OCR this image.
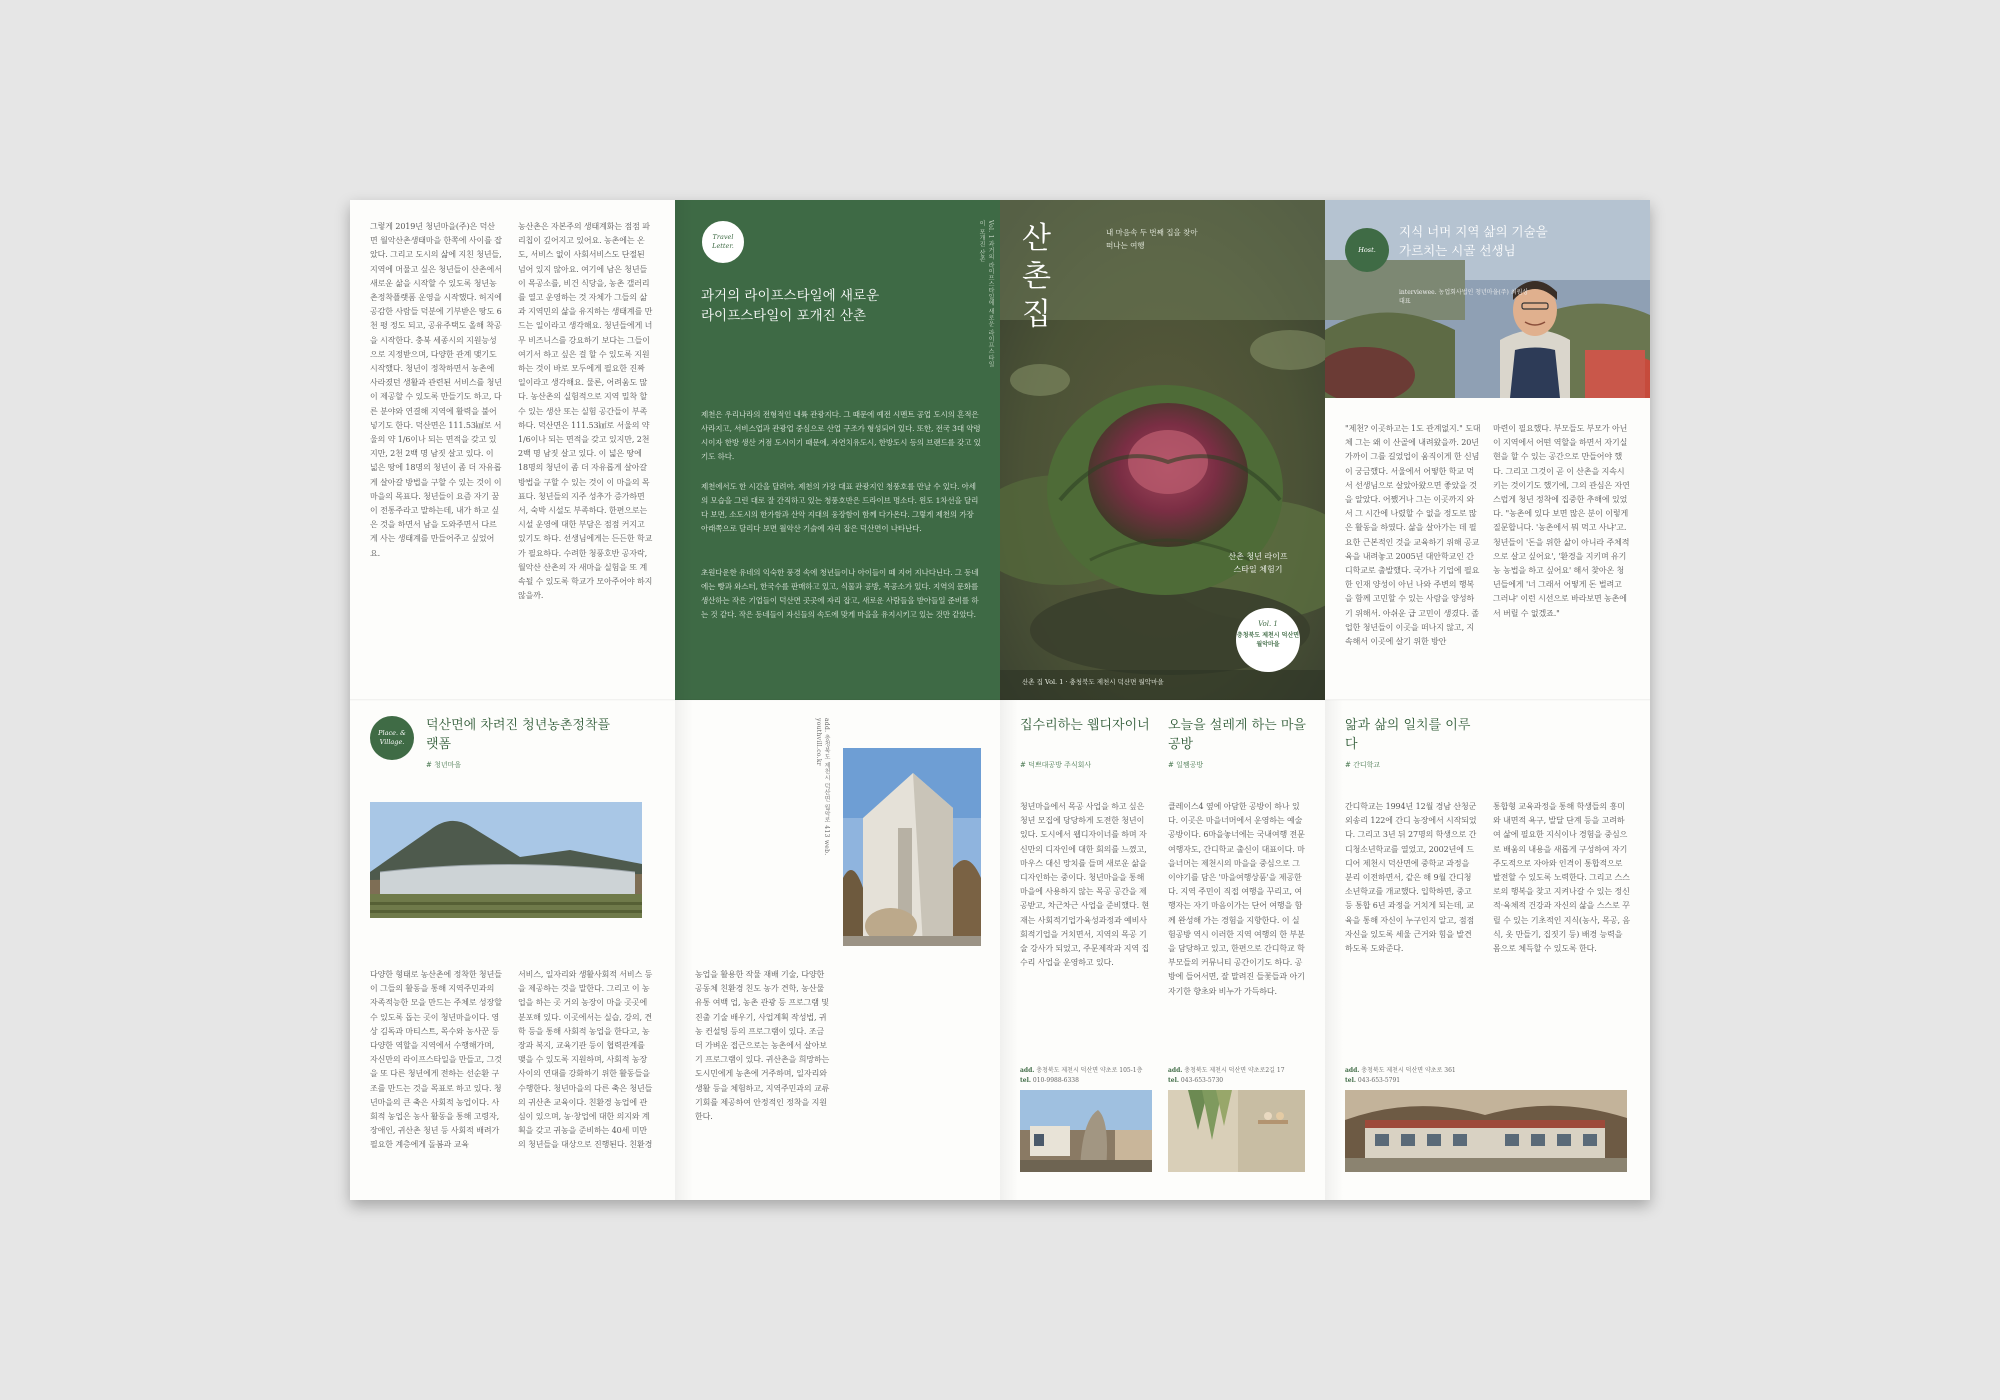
그렇게 2019년 청년마을(주)은 덕산면 월악산촌생태마을 한쪽에 사이를 잡았다. 그리고 도시의 삶에 지친 청년들, 지역에 머물고 싶은 청년들이 산촌에서 새로운 삶을 시작할 수 있도록 청년농촌정착플랫폼 운영을 시작했다. 허지에 공감한 사람들 덕분에 기부받은 땅도 6천 평 정도 되고, 공유주택도 올해 착공을 시작한다. 충북 세종시의 지원능성으로 지정받으며, 다양한 관계 맺기도 시작했다. 청년이 정착하면서 농촌에 사라졌던 생활과 관련된 서비스를 청년이 제공할 수 있도록 만들기도 하고, 다른 분야와 연결해 지역에 활력을 불어넣기도 한다. 덕산면은 111.53㎢로 서울의 약 1/6이나 되는 면적을 갖고 있지만, 2천 2백 명 남짓 살고 있다. 이 넓은 땅에 18명의 청년이 좀 더 자유롭게 살아갈 방법을 구할 수 있는 것이 이 마을의 목표다. 청년들이 요즘 자기 꿈이 전통주라고 말하는데, 내가 하고 싶은 것을 하면서 남을 도와주면서 다르게 사는 생태계를 만들어주고 싶었어요.
농산촌은 자본주의 생태계화는 점점 파리칩이 깊어지고 있어요. 농촌에는 온도, 서비스 없이 사회서비스도 단절된 넘어 있지 않아요. 여기에 남은 청년들이 목공소를, 비건 식당을, 농촌 갤러리를 열고 운영하는 것 자체가 그들의 삶과 지역민의 삶을 유지하는 생태계를 만드는 일이라고 생각해요. 청년들에게 너무 비즈니스를 강요하기 보다는 그들이 여기서 하고 싶은 걸 할 수 있도록 지원하는 것이 바로 모두에게 필요한 진짜 일이라고 생각해요. 물론, 어려움도 많다. 농산촌의 실험적으로 지역 밀착 할 수 있는 생산 또는 실험 공간들이 부족하다. 덕산면은 111.53㎢로 서울의 약 1/6이나 되는 면적을 갖고 있지만, 2천 2백 명 남짓 살고 있다. 이 넓은 땅에 18명의 청년이 좀 더 자유롭게 살아갈 방법을 구할 수 있는 것이 이 마을의 목표다. 청년들의 지주 성추가 증가하면서, 숙박 시설도 부족하다. 한편으로는 시설 운영에 대한 부담은 점점 커지고 있기도 하다. 선생님에게는 든든한 학교가 필요하다. 수려한 청풍호반 공자락, 월악산 산촌의 자 새마을 실험을 또 계속될 수 있도록 학교가 모아주어야 하지 않을까.
Travel Letter.	Vol. 1 과거의 라이프스타일에 새로운 라이프스타일이 포개진 산촌
과거의 라이프스타일에 새로운 라이프스타일이 포개진 산촌
제천은 우리나라의 전형적인 내륙 관광지다. 그 때문에 예전 시멘트 공업 도시의 흔적은 사라지고, 서비스업과 관광업 중심으로 산업 구조가 형성되어 있다. 또한, 전국 3대 약령시이자 한방 생산 거점 도시이기 때문에, 자연치유도시, 한방도시 등의 브랜드를 갖고 있기도 하다.
제천에서도 한 시간을 달려야, 제천의 가장 대표 관광지인 청풍호를 만날 수 있다. 아세의 모습을 그린 대로 잘 간직하고 있는 청풍호반은 드라이브 명소다. 윈도 1차선을 달리다 보면, 소도시의 한가함과 산악 지대의 웅장함이 함께 다가온다. 그렇게 제천의 가장 아래쪽으로 달리다 보면 월악산 기슭에 자리 잡은 덕산면이 나타난다.
초원다운한 유네의 익숙한 풍경 속에 청년들이나 아이들이 떼 지어 지나다닌다. 그 동네에는 빵과 와스터, 한국수를 판매하고 있고, 식물과 공방, 목공소가 있다. 지역의 문화를 생산하는 작은 기업들이 덕산면 곳곳에 자리 잡고, 새로운 사람들을 받아들일 준비를 하는 것 같다. 작은 동네들이 자신들의 속도에 맞게 마을을 유지시키고 있는 것만 같았다.
산촌 집
내 마음속 두 번째 집을 찾아 떠나는 여행
산촌 청년 라이프스타일 체험기
Vol. 1
충청북도 제천시 덕산면 월악마을
산촌 집 Vol. 1 · 충청북도 제천시 덕산면 월악마을
Host.
지식 너머 지역 삶의 기술을 가르치는 시골 선생님
interviewee. 농업회사법인 청년마을(주) 최원상 대표
"제천? 이곳하고는 1도 관계없지." 도대체 그는 왜 이 산골에 내려왔을까. 20년 가까이 그를 길었업이 움직이게 한 신념이 궁금했다. 서울에서 어떻한 학교 먹서 선생님으로 살았아왔으면 좋았을 것을 알았다. 어쨌거나 그는 이곳까지 와서 그 시간에 나렸할 수 없을 정도로 많은 활동을 하였다. 삶을 살아가는 데 필요한 근본적인 것을 교육하기 위해 공교육을 내려놓고 2005년 대안학교인 간디학교로 출발했다. 국가나 기업에 필요한 인재 양성이 아닌 나와 주변의 행복을 함께 고민할 수 있는 사람을 양성하기 위해서. 아쉬운 급 고민이 생겼다. 졸업한 청년들이 이곳을 떠나지 않고, 지속해서 이곳에 살기 위한 방안
마련이 필요했다. 부모들도 부모가 아닌 이 지역에서 어떤 역할을 하면서 자기실현을 할 수 있는 공간으로 만들어야 했다. 그리고 그것이 곧 이 산촌을 지속시키는 것이기도 했기에, 그의 관심은 자연스럽게 청년 정착에 집중한 추해에 있었다. "농촌에 있다 보면 많은 분이 이렇게 질문합니다. '농촌에서 뭐 먹고 사냐'고. 청년들이 '돈을 위한 삶이 아니라 주체적으로 살고 싶어요', '환경을 지키며 유기농 농법을 하고 싶어요' 해서 찾아온 청년들에게 '너 그래서 어떻게 돈 벌려고 그러냐' 이런 시선으로 바라보면 농촌에서 버릴 수 없겠죠."
Place. & Village.
덕산면에 차려진 청년농촌정착플랫폼
# 청년마을
다양한 형태로 농산촌에 정착한 청년들이 그들의 활동을 통해 지역주민과의 자족적능한 모을 만드는 주체로 성장할 수 있도록 돕는 곳이 청년마을이다. 영상 김독과 마티스트, 목수와 농사꾼 등 다양한 역할을 지역에서 수행해가며, 자신만의 라이프스타일을 만들고, 그것을 또 다른 청년에게 전하는 선순환 구조를 만드는 것을 목표로 하고 있다. 청년마을의 큰 축은 사회적 농업이다. 사회적 농업은 농사 활동을 통해 고령자, 장애인, 귀산촌 청년 등 사회적 배려가 필요한 계층에게 돌봄과 교육
서비스, 일자리와 생활사회적 서비스 등을 제공하는 것을 말한다. 그리고 이 농업을 하는 곳 거의 농장이 마을 곳곳에 분포해 있다. 이곳에서는 실습, 강의, 견학 등을 통해 사회적 농업을 한다고, 농장과 복지, 교육기관 등이 협력관계를 맺을 수 있도록 지원하며, 사회적 농장 사이의 연대를 강화하기 위한 활동들을 수행한다. 청년마을의 다른 축은 청년들의 귀산촌 교육이다. 친환경 농업에 관심이 있으며, 농·창업에 대한 의지와 계획을 갖고 귀농을 준비하는 40세 미만의 청년들을 대상으로 진행된다. 친환경
add. 충청북도 제천시 덕산면 월악로 413 web. youthvill.co.kr
농업을 활용한 작물 재배 기술, 다양한 공동체 친환경 친도 농가 견학, 농산물 유통 여백 업, 농촌 관광 등 프로그램 및 진출 기술 배우기, 사업계획 작성법, 귀농 컨설팅 등의 프로그램이 있다. 조금 더 가벼운 접근으로는 농촌에서 살아보기 프로그램이 있다. 귀산촌을 희망하는 도시민에게 농촌에 거주하며, 일자리와 생활 등을 체험하고, 지역주민과의 교류 기회를 제공하여 안정적인 정착을 지원한다.
집수리하는 웹디자이너
# 덕쁘대공방 주식회사
청년마을에서 목공 사업을 하고 싶은 청년 모집에 당당하게 도전한 청년이 있다. 도시에서 웹디자이너를 하며 자신만의 디자인에 대한 회의를 느꼈고, 마우스 대신 망치를 들며 새로운 삶을 디자인하는 중이다. 청년마을을 통해 마을에 사용하지 않는 목공 공간을 제공받고, 차근차근 사업을 준비했다. 현재는 사회적기업가육성과정과 예비사회적기업을 거치면서, 지역의 목공 기술 강사가 되었고, 주문제작과 지역 집수리 사업을 운영하고 있다.
add. 충청북도 제천시 덕산면 약초로 105-1층
tel. 010-9988-6338
오늘을 설레게 하는 마을 공방
# 일쨈공방
클레이스4 옆에 아담한 공방이 하나 있다. 이곳은 마을너머에서 운영하는 예술공방이다. 6마을놓너에는 국내여행 전문 여행자도, 간디학교 출신이 대표이다. 마을너머는 제천시의 마을을 중심으로 그 이야기를 담은 '마을여행상품'을 제공한다. 지역 주민이 직접 여행을 꾸리고, 여행자는 자기 마음이가는 단어 여행을 함께 완성해 가는 경험을 지향한다. 이 실험공방 역시 이러한 지역 여행의 한 부분을 담당하고 있고, 한편으로 간디학교 학부모들의 커뮤니티 공간이기도 하다. 공방에 들어서면, 잘 말려진 들꽃들과 아기자기한 향초와 비누가 가득하다.
add. 충청북도 제천시 덕산면 약초로2길 17
tel. 043-653-5730
앎과 삶의 일치를 이루다
# 간디학교
간디학교는 1994년 12월 경남 산청군 외송리 122에 간디 농장에서 시작되었다. 그리고 3년 뒤 27명의 학생으로 간디청소년학교를 열었고, 2002년에 드디어 제천시 덕산면에 중학교 과정을 분리 이전하면서, 같은 해 9월 간디청소년학교를 개교했다. 입학하면, 중고등 통합 6년 과정을 거치게 되는데, 교육을 통해 자신이 누구인지 알고, 점점 자신을 있도록 세울 근거와 힘을 발견하도록 도와준다.
통합형 교육과정을 통해 학생들의 흥미와 내면적 욕구, 발달 단계 등을 고려하여 삶에 필요한 지식이나 경험을 중심으로 배움의 내용을 새롭게 구성하여 자기 주도적으로 자아와 인격이 통합적으로 발전할 수 있도록 노력한다. 그리고 스스로의 행복을 찾고 지켜나갈 수 있는 정신적·육체적 건강과 자신의 삶을 스스로 꾸릴 수 있는 기초적인 지식(농사, 목공, 음식, 옷 만들기, 집짓기 등) 배경 능력을 몸으로 체득할 수 있도록 한다.
add. 충청북도 제천시 덕산면 약초로 361
tel. 043-653-5791
